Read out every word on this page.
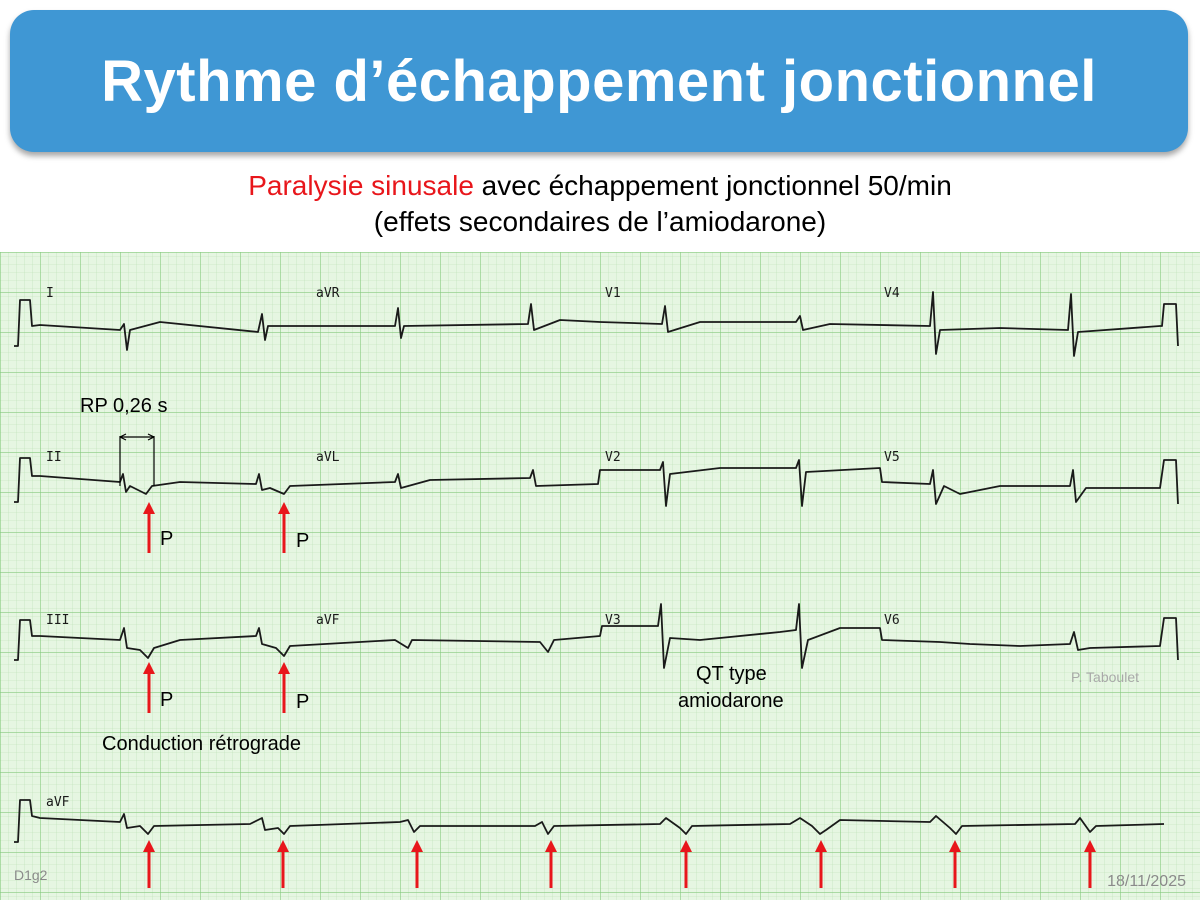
Rythme d’échappement jonctionnel
Paralysie sinusale avec échappement jonctionnel 50/min
(effets secondaires de l’amiodarone)
I	aVR	V1	V4
II	aVL	V2	V5
III	aVF	V3	V6
aVF
RP 0,26 s
P	P
P	P
Conduction rétrograde
QT type
amiodarone
P. Taboulet
D1g2	18/11/2025
